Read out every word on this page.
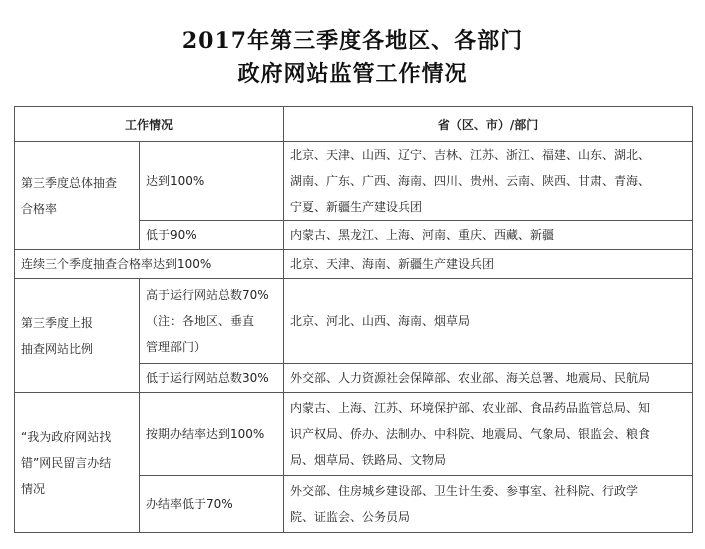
2017年第三季度各地区、各部门
政府网站监管工作情况
工作情况		省（区、市）/部门

第三季度总体抽查
合格率	达到100%	北京、天津、山西、辽宁、吉林、江苏、浙江、福建、山东、湖北、
湖南、广东、广西、海南、四川、贵州、云南、陕西、甘肃、青海、
宁夏、新疆生产建设兵团

	低于90%	内蒙古、黑龙江、上海、河南、重庆、西藏、新疆

连续三个季度抽查合格率达到100%		北京、天津、海南、新疆生产建设兵团

第三季度上报
抽查网站比例	高于运行网站总数70%
（注：各地区、垂直
管理部门）	北京、河北、山西、海南、烟草局

	低于运行网站总数30%	外交部、人力资源社会保障部、农业部、海关总署、地震局、民航局

“我为政府网站找
错”网民留言办结
情况	按期办结率达到100%	内蒙古、上海、江苏、环境保护部、农业部、食品药品监管总局、知
识产权局、侨办、法制办、中科院、地震局、气象局、银监会、粮食
局、烟草局、铁路局、文物局

	办结率低于70%	外交部、住房城乡建设部、卫生计生委、参事室、社科院、行政学
院、证监会、公务员局
